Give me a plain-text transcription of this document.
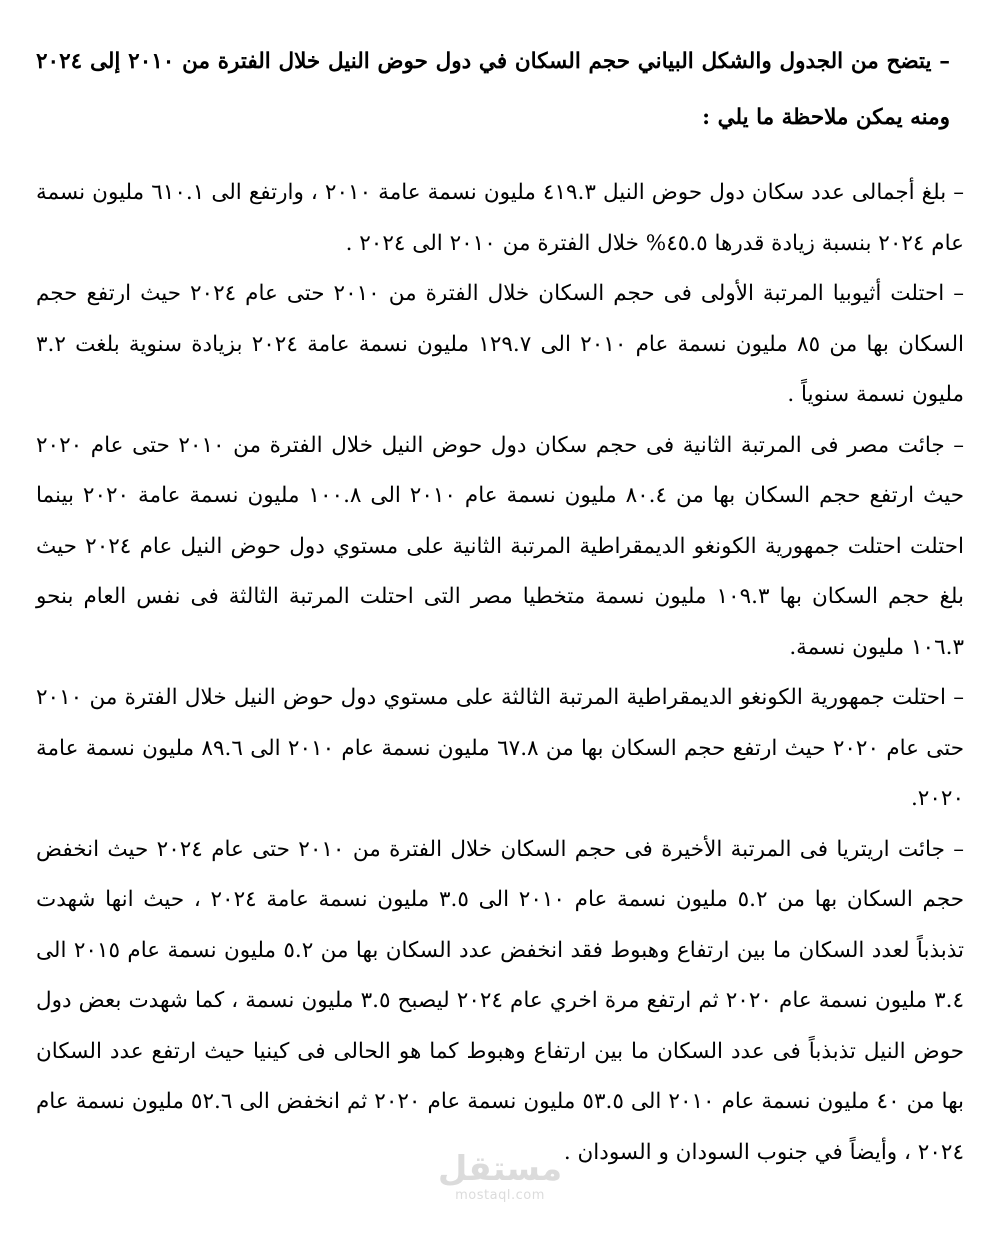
– يتضح من الجدول والشكل البياني حجم السكان في دول حوض النيل خلال الفترة من ٢٠١٠ إلى ٢٠٢٤ ومنه يمكن ملاحظة ما يلي :

– بلغ أجمالى عدد سكان دول حوض النيل ٤١٩.٣ مليون نسمة عامة ٢٠١٠ ، وارتفع الى ٦١٠.١ مليون نسمة عام ٢٠٢٤ بنسبة زيادة قدرها ٤٥.٥% خلال الفترة من ٢٠١٠ الى ٢٠٢٤ .

– احتلت أثيوبيا المرتبة الأولى فى حجم السكان خلال الفترة من ٢٠١٠ حتى عام ٢٠٢٤ حيث ارتفع حجم السكان بها من ٨٥ مليون نسمة عام ٢٠١٠ الى ١٢٩.٧ مليون نسمة عامة ٢٠٢٤ بزيادة سنوية بلغت ٣.٢ مليون نسمة سنوياً .

– جائت مصر فى المرتبة الثانية فى حجم سكان دول حوض النيل خلال الفترة من ٢٠١٠ حتى عام ٢٠٢٠ حيث ارتفع حجم السكان بها من ٨٠.٤ مليون نسمة عام ٢٠١٠ الى ١٠٠.٨ مليون نسمة عامة ٢٠٢٠ بينما احتلت احتلت جمهورية الكونغو الديمقراطية المرتبة الثانية على مستوي دول حوض النيل عام ٢٠٢٤ حيث بلغ حجم السكان بها ١٠٩.٣ مليون نسمة متخطيا مصر التى احتلت المرتبة الثالثة فى نفس العام بنحو ١٠٦.٣ مليون نسمة.

– احتلت جمهورية الكونغو الديمقراطية المرتبة الثالثة على مستوي دول حوض النيل خلال الفترة من ٢٠١٠ حتى عام ٢٠٢٠ حيث ارتفع حجم السكان بها من ٦٧.٨ مليون نسمة عام ٢٠١٠ الى ٨٩.٦ مليون نسمة عامة ٢٠٢٠.

– جائت اريتريا فى المرتبة الأخيرة فى حجم السكان خلال الفترة من ٢٠١٠ حتى عام ٢٠٢٤ حيث انخفض حجم السكان بها من ٥.٢ مليون نسمة عام ٢٠١٠ الى ٣.٥ مليون نسمة عامة ٢٠٢٤ ، حيث انها شهدت تذبذباً لعدد السكان ما بين ارتفاع وهبوط فقد انخفض عدد السكان بها من ٥.٢ مليون نسمة عام ٢٠١٥ الى ٣.٤ مليون نسمة عام ٢٠٢٠ ثم ارتفع مرة اخري عام ٢٠٢٤ ليصبح ٣.٥ مليون نسمة ، كما شهدت بعض دول حوض النيل تذبذباً فى عدد السكان ما بين ارتفاع وهبوط كما هو الحالى فى كينيا حيث ارتفع عدد السكان بها من ٤٠ مليون نسمة عام ٢٠١٠ الى ٥٣.٥ مليون نسمة عام ٢٠٢٠ ثم انخفض الى ٥٢.٦ مليون نسمة عام ٢٠٢٤ ، وأيضاً في جنوب السودان و السودان .

مستقل
mostaql.com
